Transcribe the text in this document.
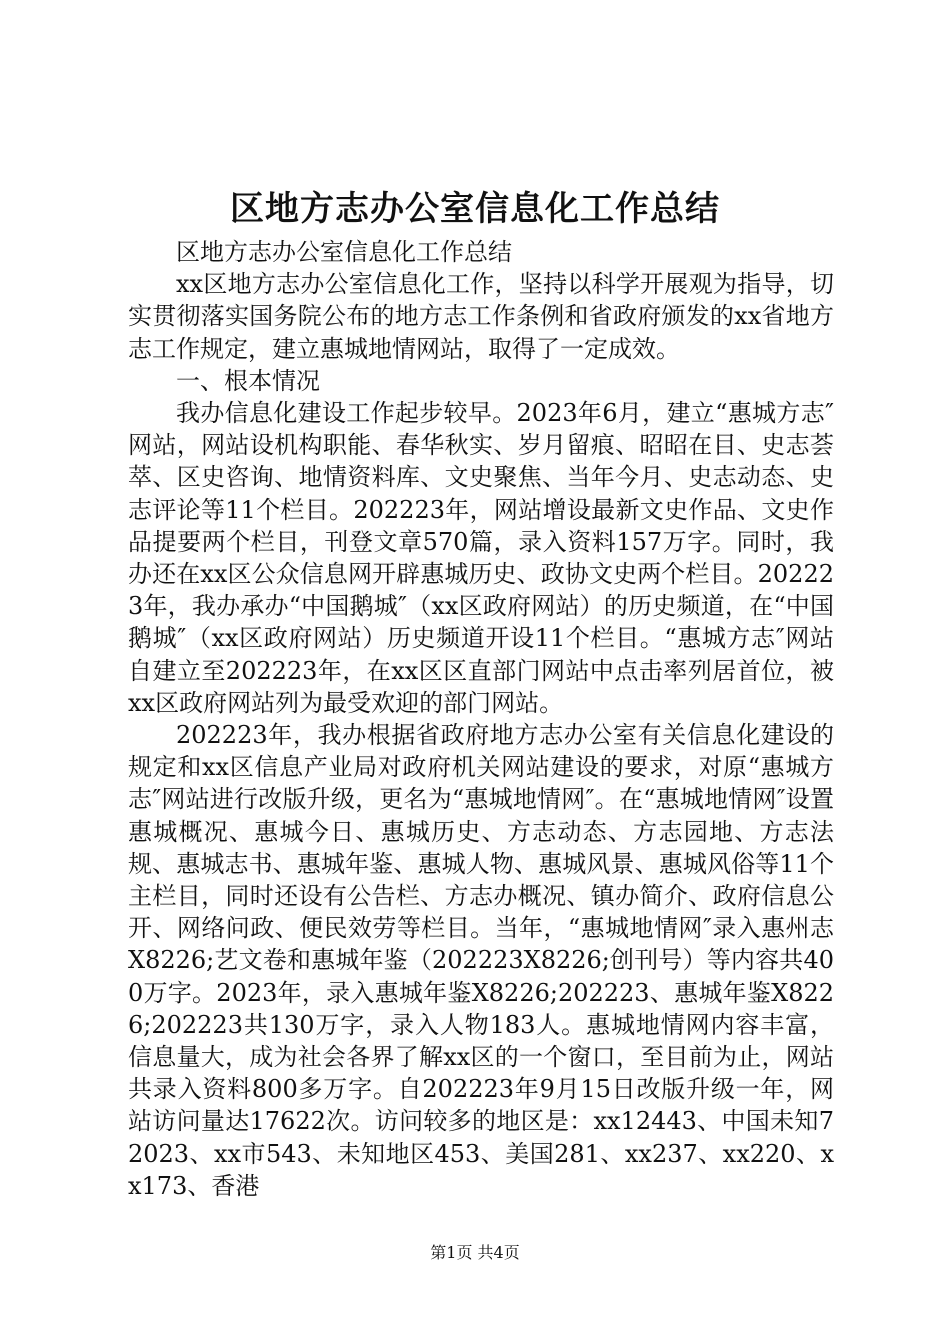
区地方志办公室信息化工作总结

区地方志办公室信息化工作总结

xx区地方志办公室信息化工作，坚持以科学开展观为指导，切实贯彻落实国务院公布的地方志工作条例和省政府颁发的xx省地方志工作规定，建立惠城地情网站，取得了一定成效。

一、根本情况

我办信息化建设工作起步较早。2023年6月，建立“惠城方志″网站，网站设机构职能、春华秋实、岁月留痕、昭昭在目、史志荟萃、区史咨询、地情资料库、文史聚焦、当年今月、史志动态、史志评论等11个栏目。202223年，网站增设最新文史作品、文史作品提要两个栏目，刊登文章570篇，录入资料157万字。同时，我办还在xx区公众信息网开辟惠城历史、政协文史两个栏目。202223年，我办承办“中国鹅城″（xx区政府网站）的历史频道，在“中国鹅城″（xx区政府网站）历史频道开设11个栏目。“惠城方志″网站自建立至202223年，在xx区区直部门网站中点击率列居首位，被xx区政府网站列为最受欢迎的部门网站。

202223年，我办根据省政府地方志办公室有关信息化建设的规定和xx区信息产业局对政府机关网站建设的要求，对原“惠城方志″网站进行改版升级，更名为“惠城地情网″。在“惠城地情网″设置惠城概况、惠城今日、惠城历史、方志动态、方志园地、方志法规、惠城志书、惠城年鉴、惠城人物、惠城风景、惠城风俗等11个主栏目，同时还设有公告栏、方志办概况、镇办简介、政府信息公开、网络问政、便民效劳等栏目。当年，“惠城地情网″录入惠州志X8226;艺文卷和惠城年鉴（202223X8226;创刊号）等内容共400万字。2023年，录入惠城年鉴X8226;202223、惠城年鉴X8226;202223共130万字，录入人物183人。惠城地情网内容丰富，信息量大，成为社会各界了解xx区的一个窗口，至目前为止，网站共录入资料800多万字。自202223年9月15日改版升级一年，网站访问量达17622次。访问较多的地区是：xx12443、中国未知72023、xx市543、未知地区453、美国281、xx237、xx220、xx173、香港

第1页 共4页
